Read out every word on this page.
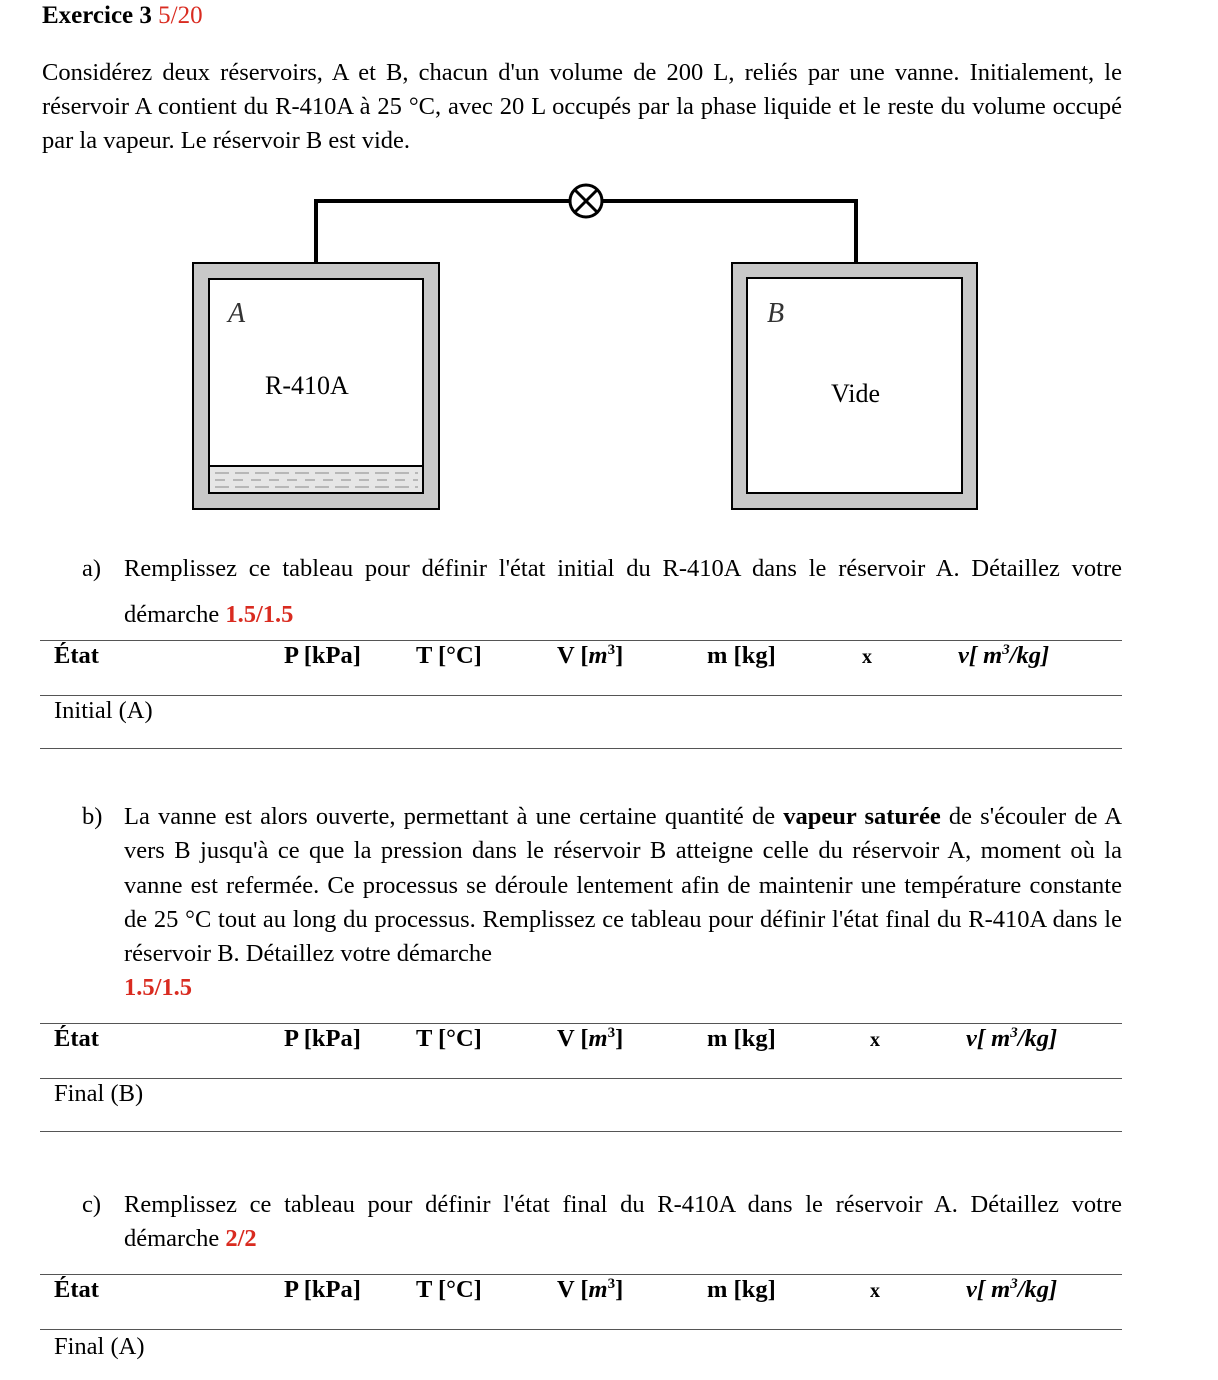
Exercice 3 5/20
Considérez deux réservoirs, A et B, chacun d'un volume de 200 L, reliés par une vanne. Initialement, le réservoir A contient du R-410A à 25 °C, avec 20 L occupés par la phase liquide et le reste du volume occupé par la vapeur. Le réservoir B est vide.
A
R-410A
B
Vide
a) Remplissez ce tableau pour définir l'état initial du R-410A dans le réservoir A. Détaillez votre démarche 1.5/1.5
État	P [kPa] T [°C]	V $[m^3]$	m [kg]	x	v[ $m^3/kg$]
Initial (A)
b) La vanne est alors ouverte, permettant à une certaine quantité de vapeur saturée de s'écouler de A vers B jusqu'à ce que la pression dans le réservoir B atteigne celle du réservoir A, moment où la vanne est refermée. Ce processus se déroule lentement afin de maintenir une température constante de 25 °C tout au long du processus. Remplissez ce tableau pour définir l'état final du R-410A dans le réservoir B. Détaillez votre démarche
1.5/1.5
État	P [kPa] T [°C]	V $[m^3]$	m [kg]	x	v[ $m^3/kg$]
Final (B)
c) Remplissez ce tableau pour définir l'état final du R-410A dans le réservoir A. Détaillez votre démarche 2/2
État	P [kPa] T [°C]	V $[m^3]$	m [kg]	x	v[ $m^3/kg$]
Final (A)
